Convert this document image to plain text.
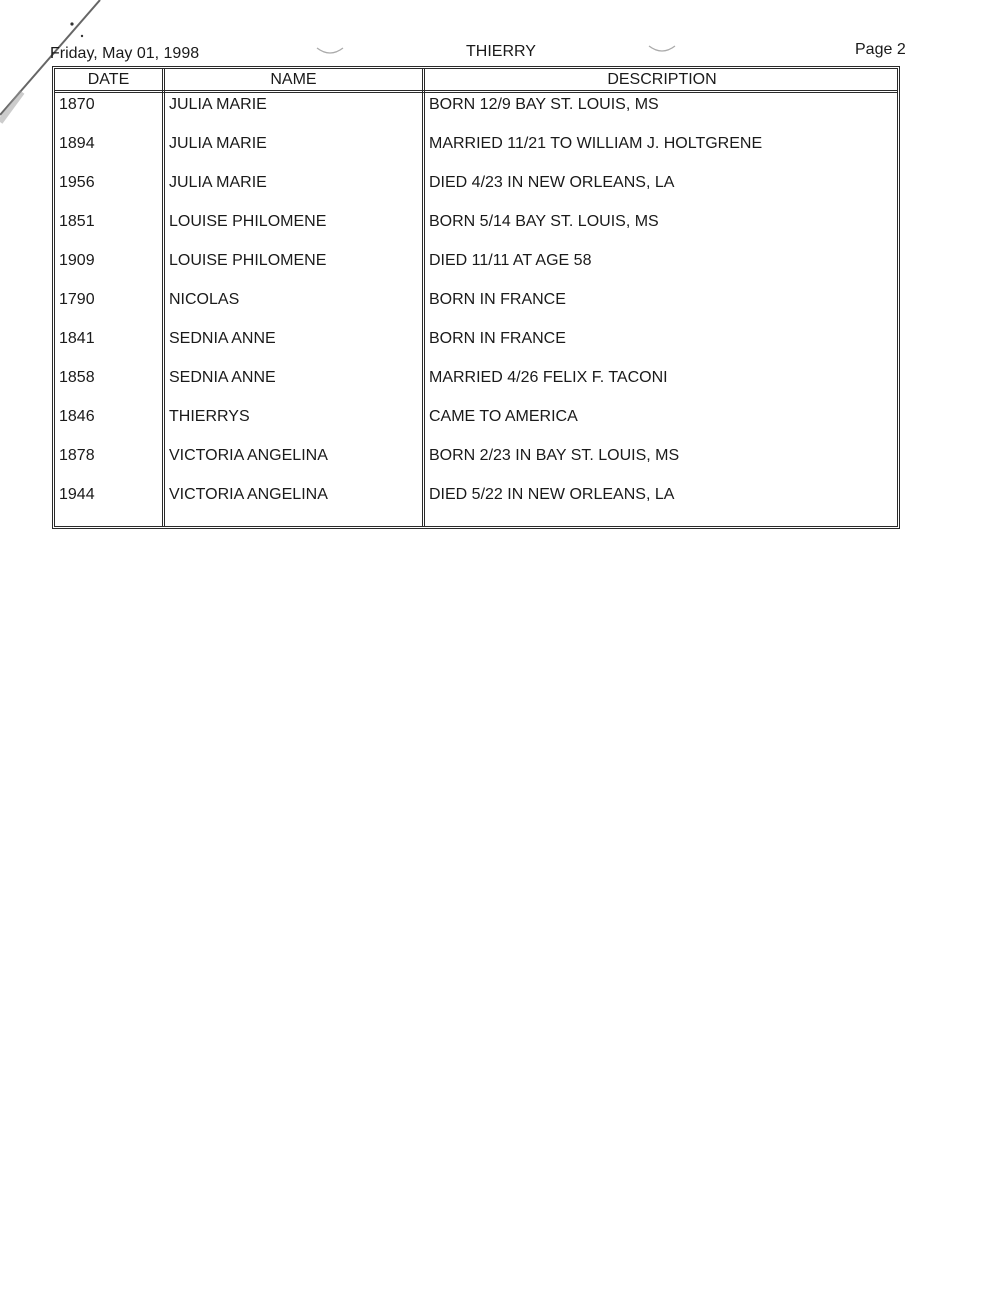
Friday, May 01, 1998	THIERRY	Page 2
DATE	NAME	DESCRIPTION
1870	JULIA MARIE	BORN 12/9 BAY ST. LOUIS, MS
1894	JULIA MARIE	MARRIED 11/21 TO WILLIAM J. HOLTGRENE
1956	JULIA MARIE	DIED 4/23 IN NEW ORLEANS, LA
1851	LOUISE PHILOMENE	BORN 5/14 BAY ST. LOUIS, MS
1909	LOUISE PHILOMENE	DIED 11/11 AT AGE 58
1790	NICOLAS	BORN IN FRANCE
1841	SEDNIA ANNE	BORN IN FRANCE
1858	SEDNIA ANNE	MARRIED 4/26 FELIX F. TACONI
1846	THIERRYS	CAME TO AMERICA
1878	VICTORIA ANGELINA	BORN 2/23 IN BAY ST. LOUIS, MS
1944	VICTORIA ANGELINA	DIED 5/22 IN NEW ORLEANS, LA
